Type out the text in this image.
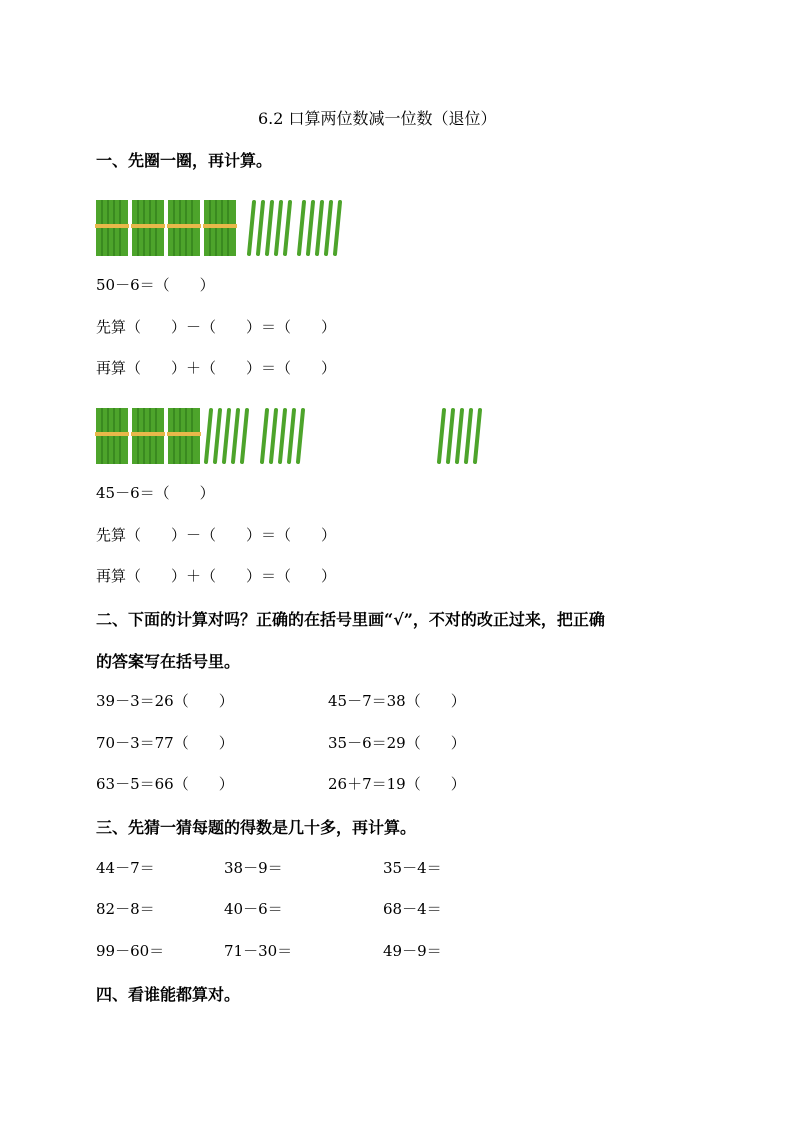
6.2 口算两位数减一位数（退位）
一、先圈一圈，再计算。
50－6＝（　　）
先算（　　）－（　　）＝（　　）
再算（　　）＋（　　）＝（　　）
45－6＝（　　）
先算（　　）－（　　）＝（　　）
再算（　　）＋（　　）＝（　　）
二、下面的计算对吗？正确的在括号里画“√”，不对的改正过来，把正确
的答案写在括号里。
39－3＝26（　　）	45－7＝38（　　）
70－3＝77（　　）	35－6＝29（　　）
63－5＝66（　　）	26＋7＝19（　　）
三、先猜一猜每题的得数是几十多，再计算。
44－7＝	38－9＝	35－4＝
82－8＝	40－6＝	68－4＝
99－60＝	71－30＝	49－9＝
四、看谁能都算对。
